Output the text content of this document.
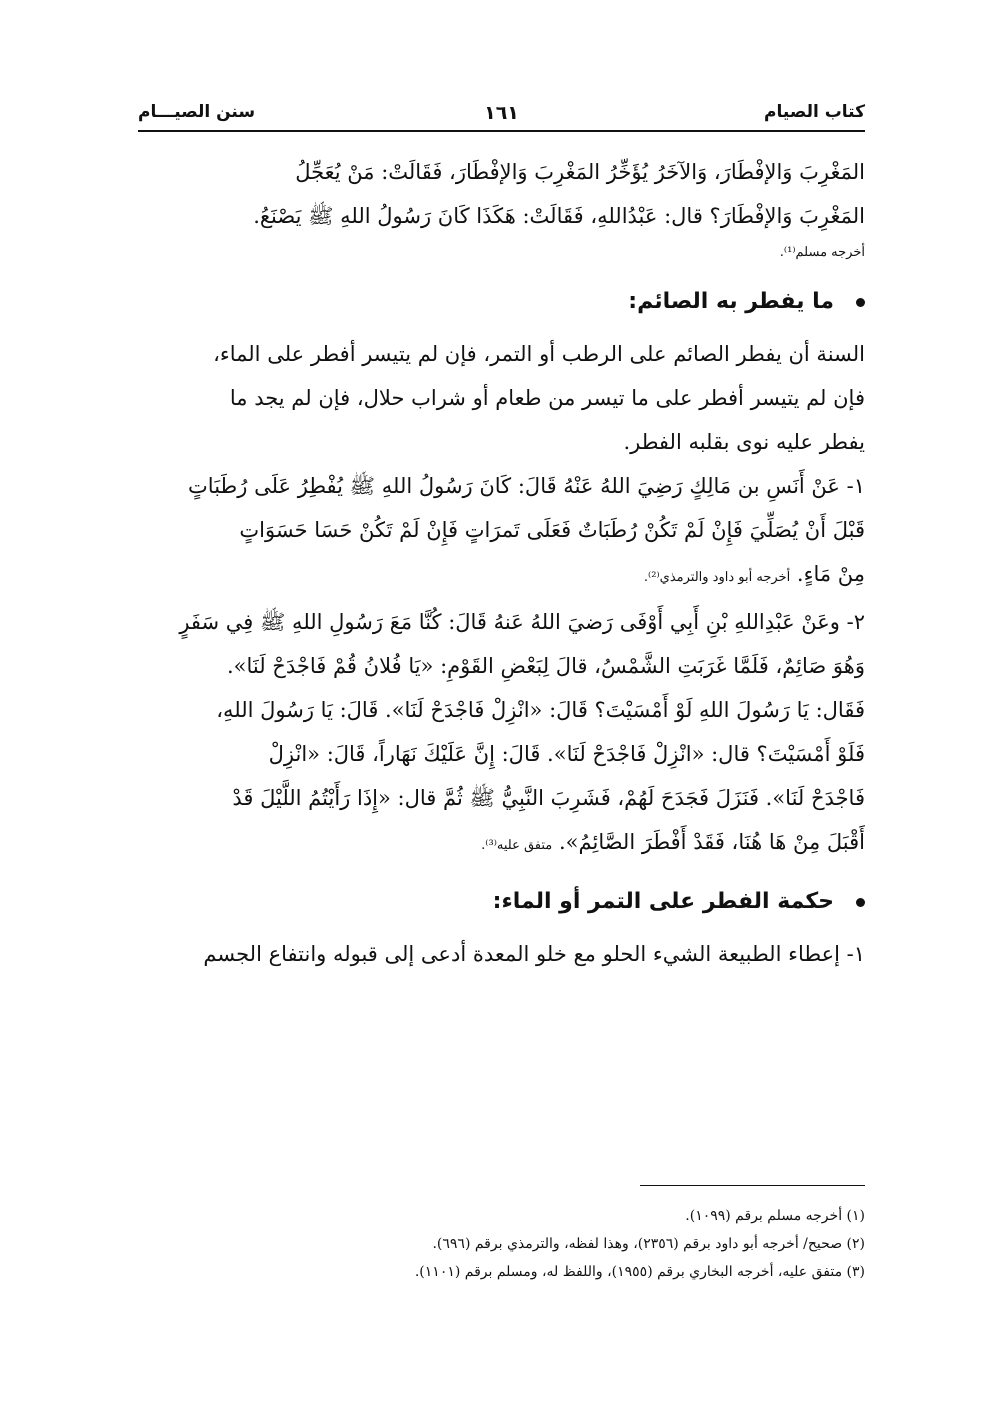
كتاب الصيام
١٦١
سنن الصيـــام
المَغْرِبَ وَالإفْطَارَ، وَالآخَرُ يُؤَخِّرُ المَغْرِبَ وَالإفْطَارَ، فَقَالَتْ: مَنْ يُعَجِّلُ
المَغْرِبَ وَالإفْطَارَ؟ قال: عَبْدُاللهِ، فَقَالَتْ: هَكَذَا كَانَ رَسُولُ اللهِ ﷺ يَصْنَعُ.
أخرجه مسلم⁽¹⁾.
ما يفطر به الصائم:
السنة أن يفطر الصائم على الرطب أو التمر، فإن لم يتيسر أفطر على الماء،
فإن لم يتيسر أفطر على ما تيسر من طعام أو شراب حلال، فإن لم يجد ما
يفطر عليه نوى بقلبه الفطر.
١- عَنْ أَنَسِ بن مَالِكٍ رَضِيَ اللهُ عَنْهُ قَالَ: كَانَ رَسُولُ اللهِ ﷺ يُفْطِرُ عَلَى رُطَبَاتٍ
قَبْلَ أَنْ يُصَلِّيَ فَإِنْ لَمْ تَكُنْ رُطَبَاتٌ فَعَلَى تَمرَاتٍ فَإِنْ لَمْ تَكُنْ حَسَا حَسَوَاتٍ
مِنْ مَاءٍ. أخرجه أبو داود والترمذي⁽²⁾.
٢- وعَنْ عَبْدِاللهِ بْنِ أَبِي أَوْفَى رَضيَ اللهُ عَنهُ قَالَ: كُنَّا مَعَ رَسُولِ اللهِ ﷺ فِي سَفَرٍ
وَهُوَ صَائِمٌ، فَلَمَّا غَرَبَتِ الشَّمْسُ، قالَ لِبَعْضِ القَوْمِ: «يَا فُلانُ قُمْ فَاجْدَحْ لَنَا».
فَقَال: يَا رَسُولَ اللهِ لَوْ أَمْسَيْتَ؟ قَالَ: «انْزِلْ فَاجْدَحْ لَنَا». قَالَ: يَا رَسُولَ اللهِ،
فَلَوْ أَمْسَيْتَ؟ قال: «انْزِلْ فَاجْدَحْ لَنَا». قَالَ: إِنَّ عَلَيْكَ نَهَاراً، قَالَ: «انْزِلْ
فَاجْدَحْ لَنَا». فَنَزَلَ فَجَدَحَ لَهُمْ، فَشَرِبَ النَّبِيُّ ﷺ ثُمَّ قال: «إِذَا رَأَيْتُمُ اللَّيْلَ قَدْ
أَقْبَلَ مِنْ هَا هُنَا، فَقَدْ أَفْطَرَ الصَّائِمُ». متفق عليه⁽³⁾.
حكمة الفطر على التمر أو الماء:
١- إعطاء الطبيعة الشيء الحلو مع خلو المعدة أدعى إلى قبوله وانتفاع الجسم
(١) أخرجه مسلم برقم (١٠٩٩).
(٢) صحيح/ أخرجه أبو داود برقم (٢٣٥٦)، وهذا لفظه، والترمذي برقم (٦٩٦).
(٣) متفق عليه، أخرجه البخاري برقم (١٩٥٥)، واللفظ له، ومسلم برقم (١١٠١).
